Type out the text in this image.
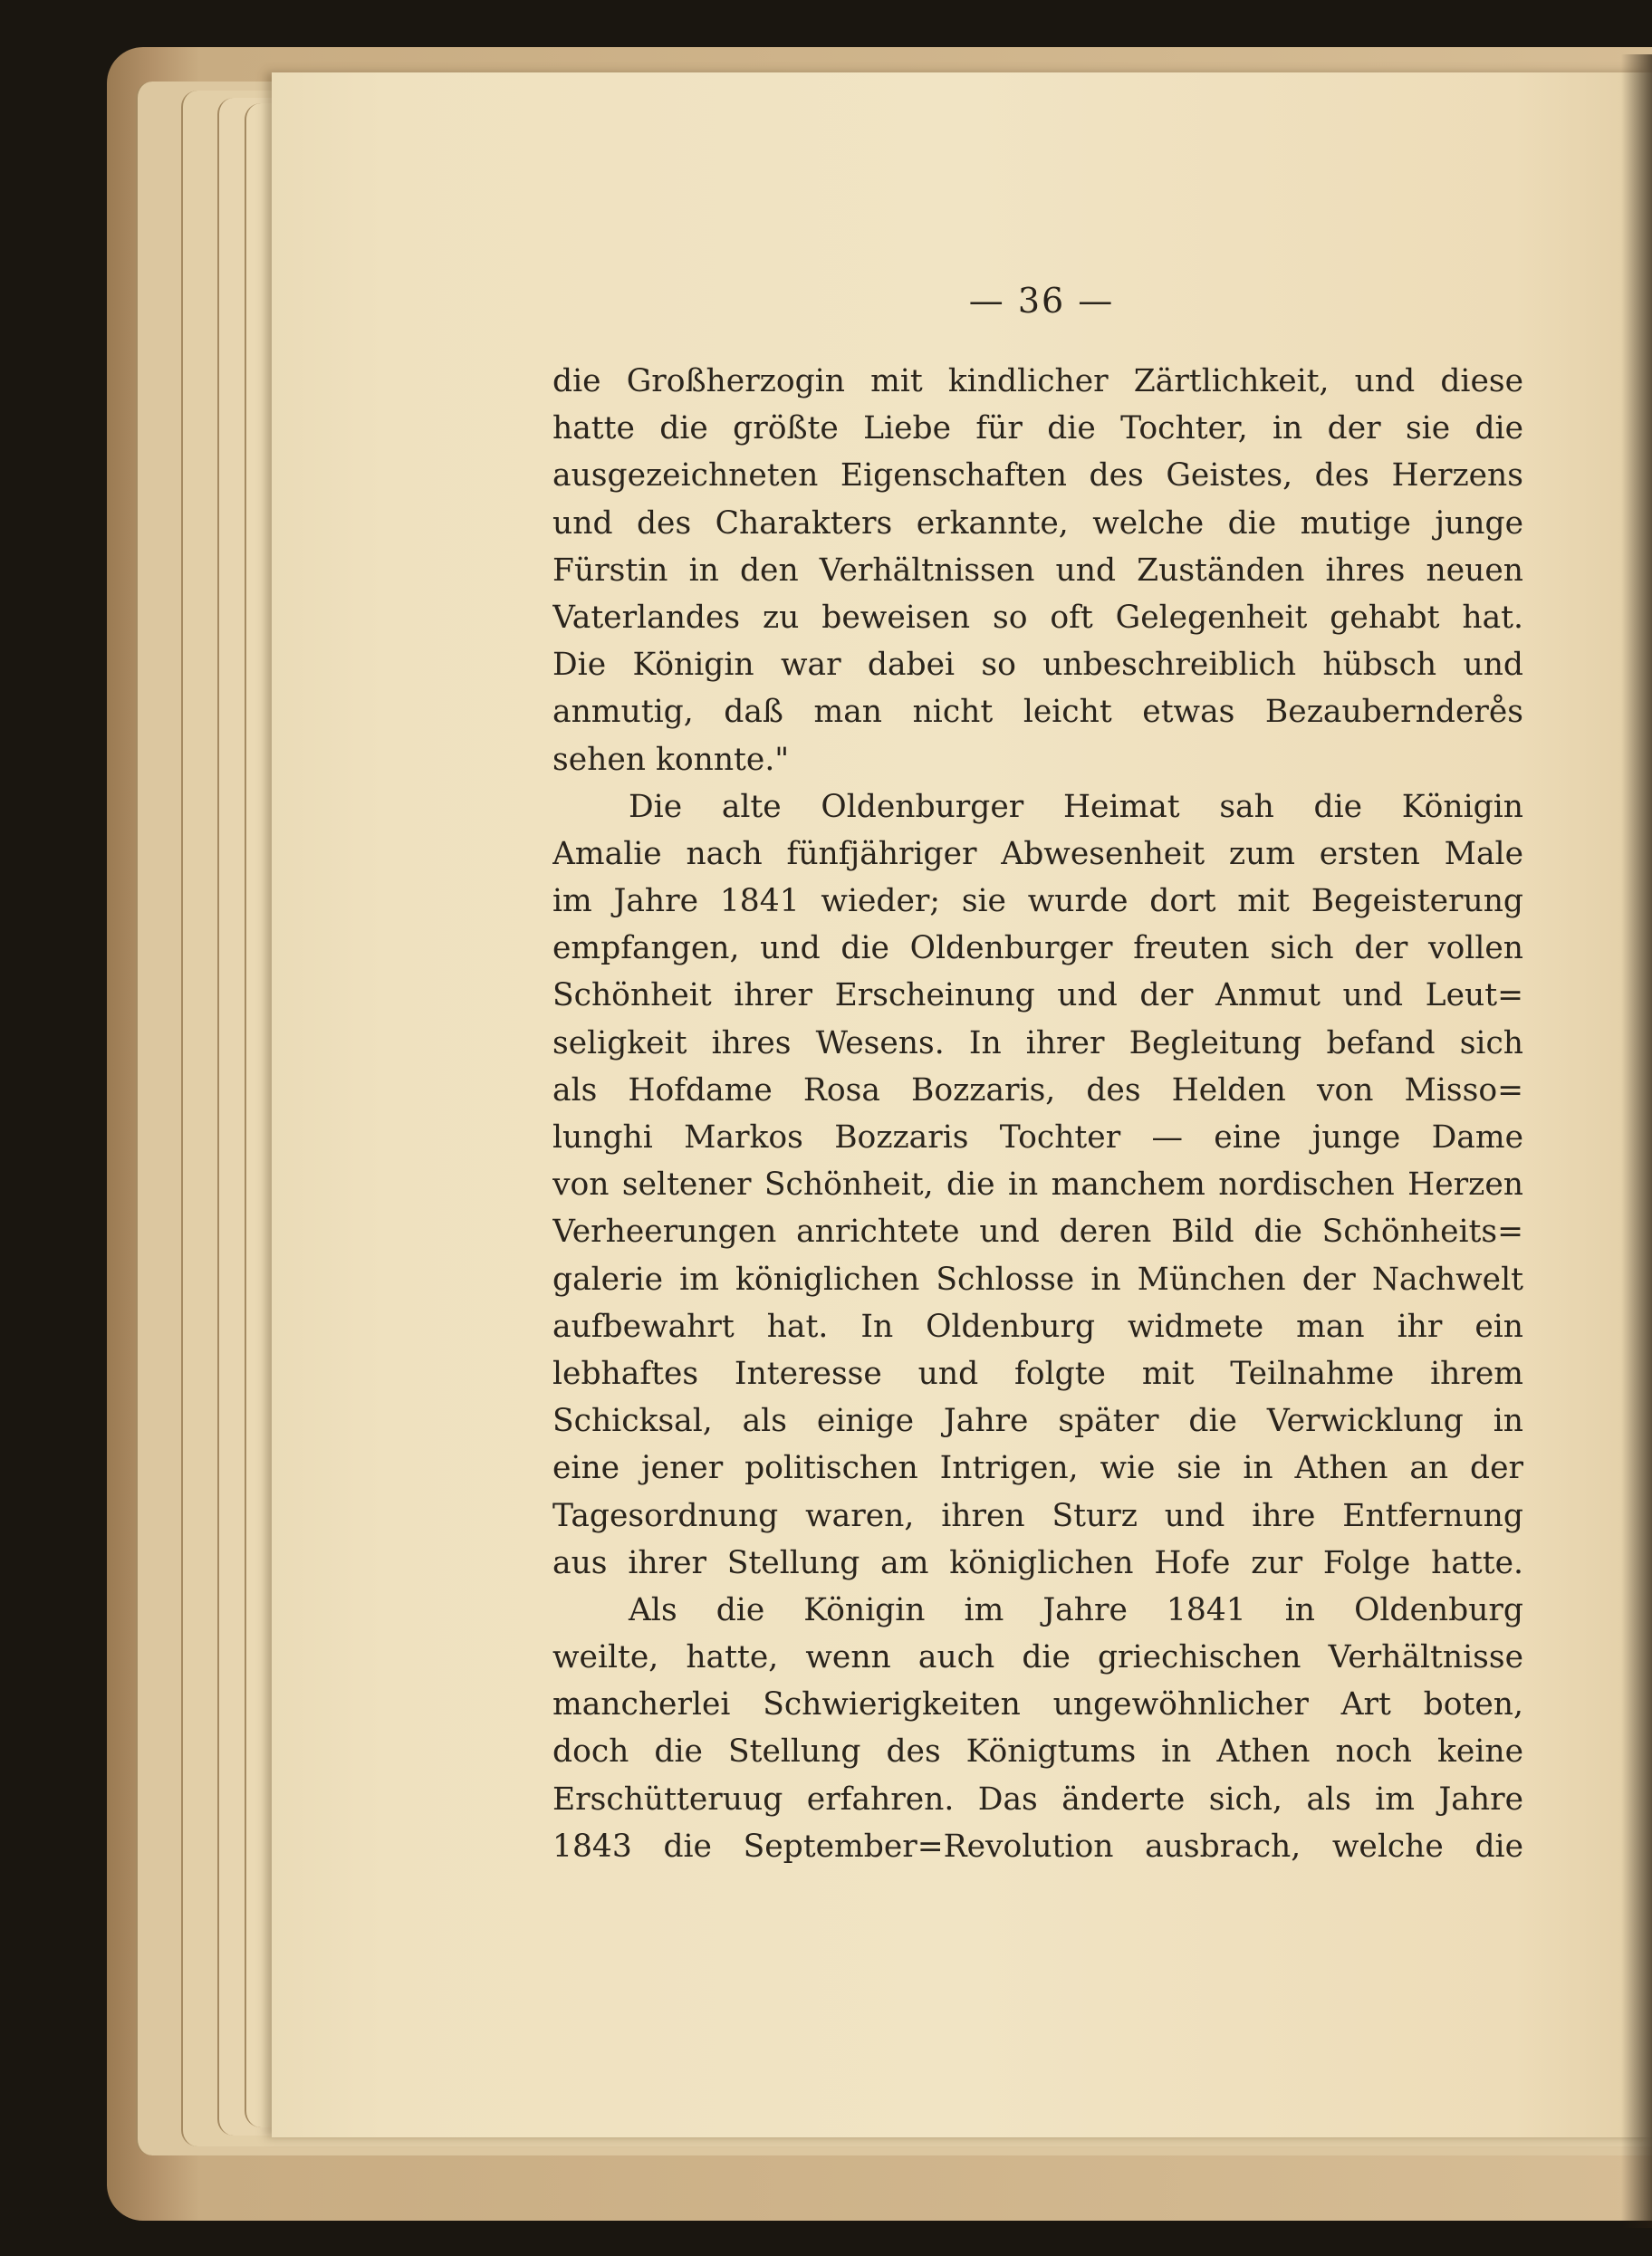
— 36 —
die Großherzogin mit kindlicher Zärtlichkeit, und diese
hatte die größte Liebe für die Tochter, in der sie die
ausgezeichneten Eigenschaften des Geistes, des Herzens
und des Charakters erkannte, welche die mutige junge
Fürstin in den Verhältnissen und Zuständen ihres neuen
Vaterlandes zu beweisen so oft Gelegenheit gehabt hat.
Die Königin war dabei so unbeschreiblich hübsch und
anmutig, daß man nicht leicht etwas Bezauberndere̊s
sehen konnte."
Die alte Oldenburger Heimat sah die Königin
Amalie nach fünfjähriger Abwesenheit zum ersten Male
im Jahre 1841 wieder; sie wurde dort mit Begeisterung
empfangen, und die Oldenburger freuten sich der vollen
Schönheit ihrer Erscheinung und der Anmut und Leut=
seligkeit ihres Wesens. In ihrer Begleitung befand sich
als Hofdame Rosa Bozzaris, des Helden von Misso=
lunghi Markos Bozzaris Tochter — eine junge Dame
von seltener Schönheit, die in manchem nordischen Herzen
Verheerungen anrichtete und deren Bild die Schönheits=
galerie im königlichen Schlosse in München der Nachwelt
aufbewahrt hat. In Oldenburg widmete man ihr ein
lebhaftes Interesse und folgte mit Teilnahme ihrem
Schicksal, als einige Jahre später die Verwicklung in
eine jener politischen Intrigen, wie sie in Athen an der
Tagesordnung waren, ihren Sturz und ihre Entfernung
aus ihrer Stellung am königlichen Hofe zur Folge hatte.
Als die Königin im Jahre 1841 in Oldenburg
weilte, hatte, wenn auch die griechischen Verhältnisse
mancherlei Schwierigkeiten ungewöhnlicher Art boten,
doch die Stellung des Königtums in Athen noch keine
Erschütteruug erfahren. Das änderte sich, als im Jahre
1843 die September=Revolution ausbrach, welche die
